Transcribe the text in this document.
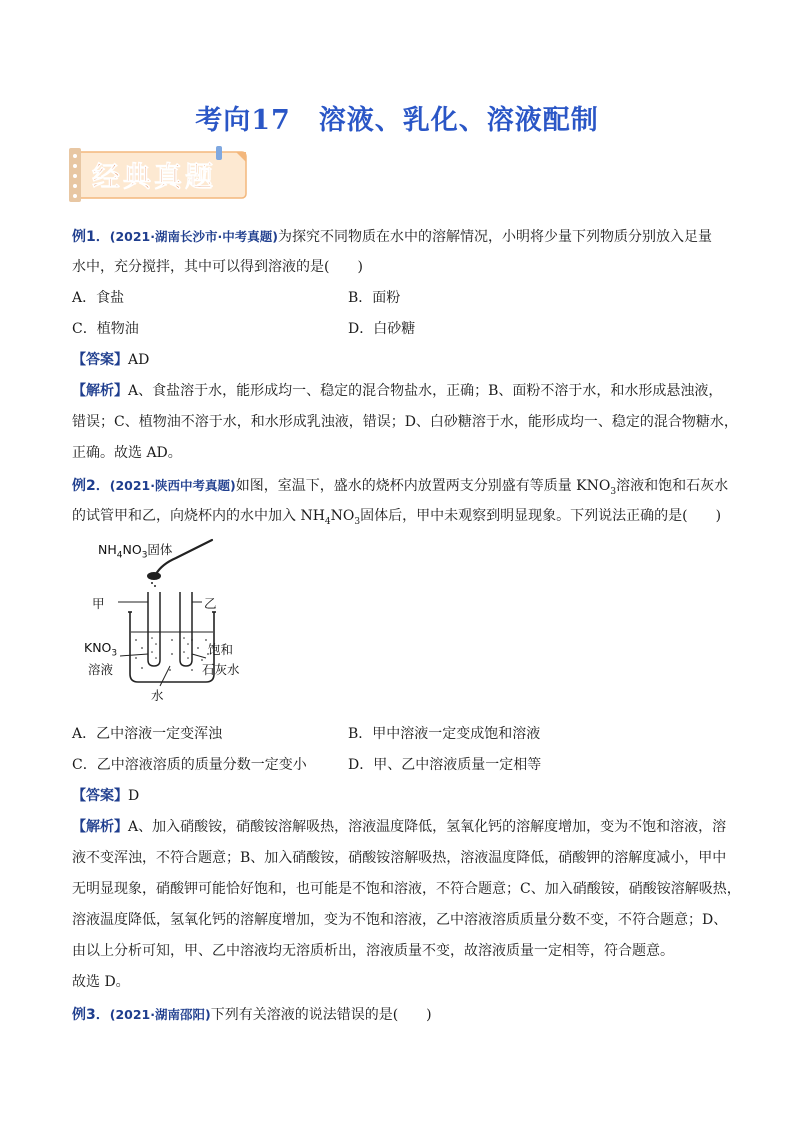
考向17　溶液、乳化、溶液配制
经典真题
例1．(2021·湖南长沙市·中考真题)为探究不同物质在水中的溶解情况，小明将少量下列物质分别放入足量
水中，充分搅拌，其中可以得到溶液的是(　　)
A．食盐	B．面粉
C．植物油	D．白砂糖
【答案】AD
【解析】A、食盐溶于水，能形成均一、稳定的混合物盐水，正确；B、面粉不溶于水，和水形成悬浊液，
错误；C、植物油不溶于水，和水形成乳浊液，错误；D、白砂糖溶于水，能形成均一、稳定的混合物糖水，
正确。故选 AD。
例2．(2021·陕西中考真题)如图，室温下，盛水的烧杯内放置两支分别盛有等质量 $KNO_3$溶液和饱和石灰水
的试管甲和乙，向烧杯内的水中加入 $NH_4NO_3$固体后，甲中未观察到明显现象。下列说法正确的是(　　)
$NH_4NO_3$固体
甲	乙
$KNO_3$
溶液
饱和
石灰水
水
A．乙中溶液一定变浑浊	B．甲中溶液一定变成饱和溶液
C．乙中溶液溶质的质量分数一定变小	D．甲、乙中溶液质量一定相等
【答案】D
【解析】A、加入硝酸铵，硝酸铵溶解吸热，溶液温度降低，氢氧化钙的溶解度增加，变为不饱和溶液，溶
液不变浑浊，不符合题意；B、加入硝酸铵，硝酸铵溶解吸热，溶液温度降低，硝酸钾的溶解度减小，甲中
无明显现象，硝酸钾可能恰好饱和，也可能是不饱和溶液，不符合题意；C、加入硝酸铵，硝酸铵溶解吸热，
溶液温度降低，氢氧化钙的溶解度增加，变为不饱和溶液，乙中溶液溶质质量分数不变，不符合题意；D、
由以上分析可知，甲、乙中溶液均无溶质析出，溶液质量不变，故溶液质量一定相等，符合题意。
故选 D。
例3．(2021·湖南邵阳)下列有关溶液的说法错误的是(　　)
